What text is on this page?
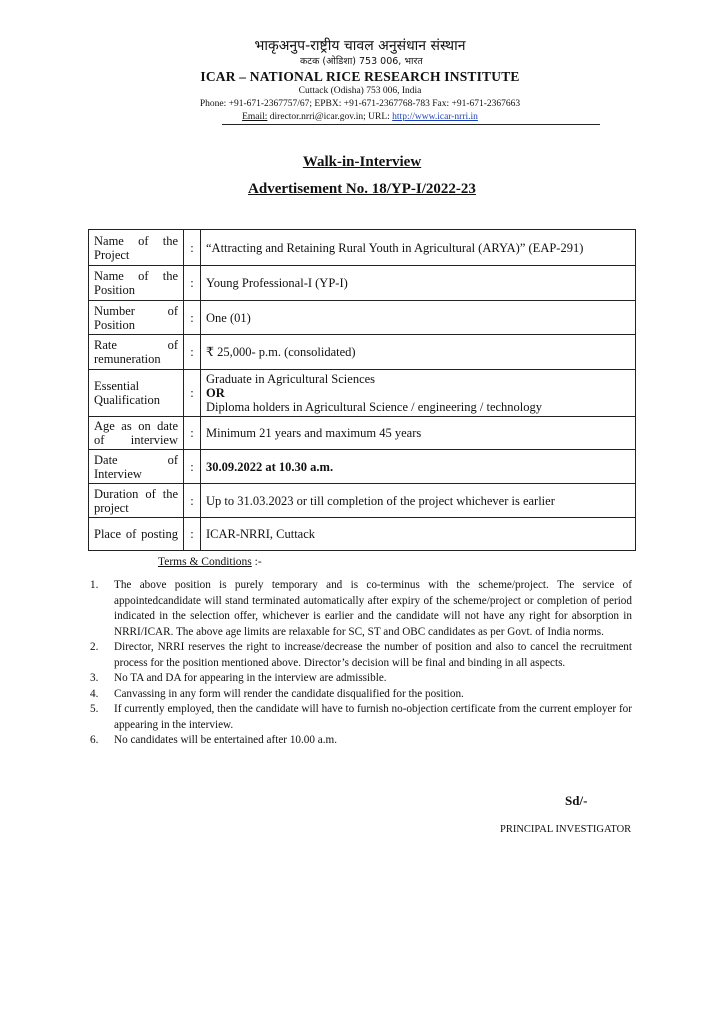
भाकृअनुप-राष्ट्रीय चावल अनुसंधान संस्थान
कटक (ओडिशा) 753 006, भारत
ICAR – NATIONAL RICE RESEARCH INSTITUTE
Cuttack (Odisha) 753 006, India
Phone: +91-671-2367757/67; EPBX: +91-671-2367768-783 Fax: +91-671-2367663
Email: director.nrri@icar.gov.in; URL: http://www.icar-nrri.in
Walk-in-Interview
Advertisement No. 18/YP-I/2022-23
Name of the Project	:	“Attracting and Retaining Rural Youth in Agricultural (ARYA)” (EAP-291)
Name of the Position	:	Young Professional-I (YP-I)
Number of Position	:	One (01)
Rate of remuneration	:	₹ 25,000- p.m. (consolidated)
Essential Qualification	:	Graduate in Agricultural Sciences
OR
Diploma holders in Agricultural Science / engineering / technology

Age as on date of interview	:	Minimum 21 years and maximum 45 years
Date of Interview	:	30.09.2022 at 10.30 a.m.
Duration of the project	:	Up to 31.03.2023 or till completion of the project whichever is earlier
Place of posting	:	ICAR-NRRI, Cuttack
Terms & Conditions :-
1. The above position is purely temporary and is co-terminus with the scheme/project. The service of appointedcandidate will stand terminated automatically after expiry of the scheme/project or completion of period indicated in the selection offer, whichever is earlier and the candidate will not have any right for absorption in NRRI/ICAR. The above age limits are relaxable for SC, ST and OBC candidates as per Govt. of India norms.
2. Director, NRRI reserves the right to increase/decrease the number of position and also to cancel the recruitment process for the position mentioned above. Director’s decision will be final and binding in all aspects.
3. No TA and DA for appearing in the interview are admissible.
4. Canvassing in any form will render the candidate disqualified for the position.
5. If currently employed, then the candidate will have to furnish no-objection certificate from the current employer for appearing in the interview.
6. No candidates will be entertained after 10.00 a.m.
Sd/-
PRINCIPAL INVESTIGATOR
